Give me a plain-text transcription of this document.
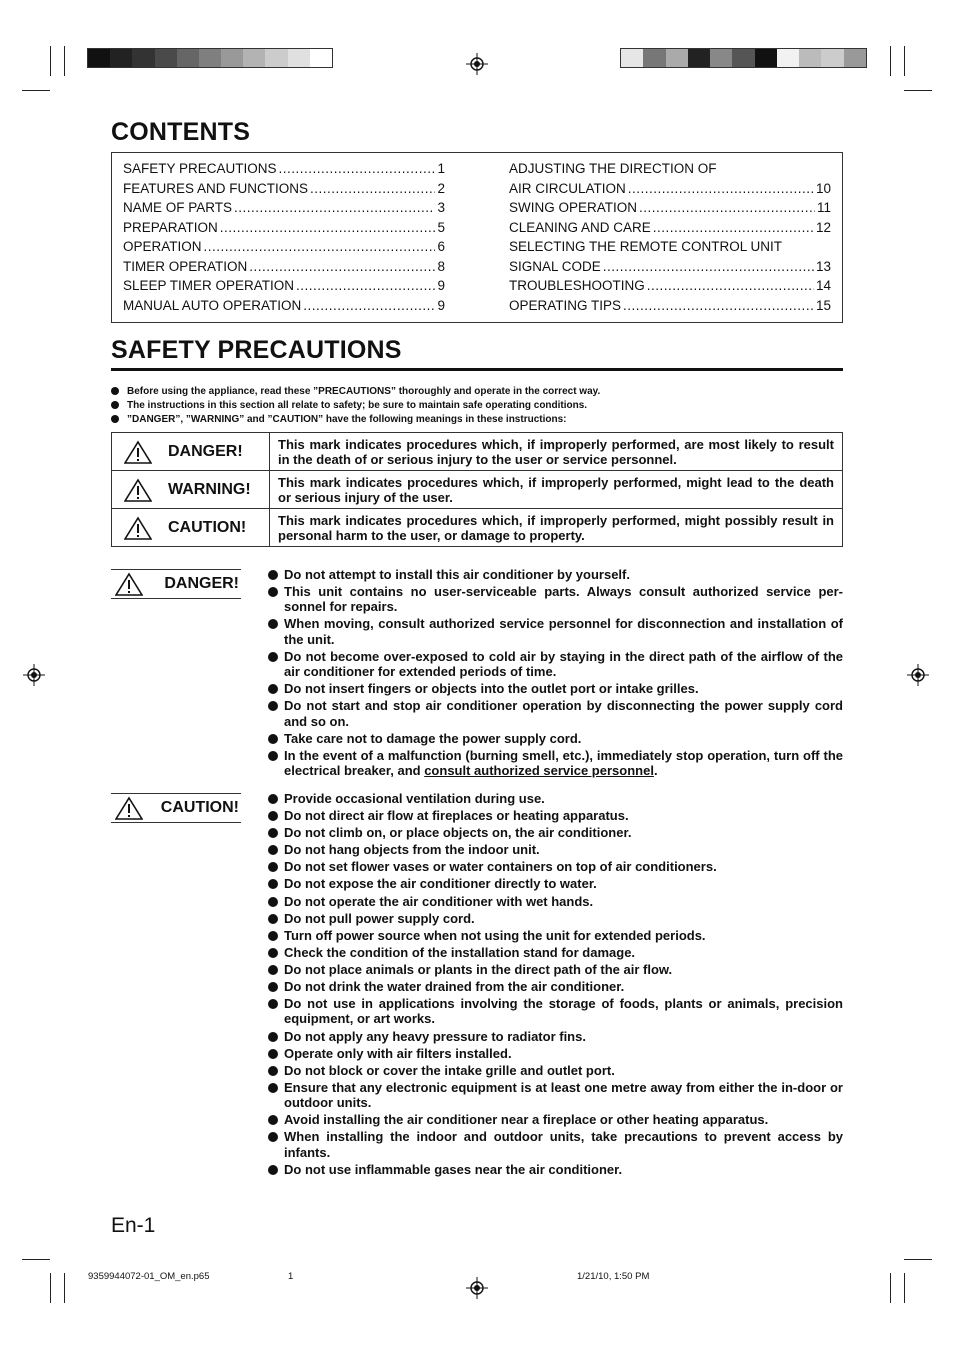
CONTENTS
SAFETY PRECAUTIONS .....	1
FEATURES AND FUNCTIONS .....	2
NAME OF PARTS .....	3
PREPARATION .....	5
OPERATION .....	6
TIMER OPERATION .....	8
SLEEP TIMER OPERATION .....	9
MANUAL AUTO OPERATION .....	9
ADJUSTING THE DIRECTION OF
AIR CIRCULATION .....	10
SWING OPERATION .....	11
CLEANING AND CARE .....	12
SELECTING THE REMOTE CONTROL UNIT
SIGNAL CODE .....	13
TROUBLESHOOTING .....	14
OPERATING TIPS .....	15
SAFETY PRECAUTIONS
Before using the appliance, read these ”PRECAUTIONS” thoroughly and operate in the correct way.
The instructions in this section all relate to safety; be sure to maintain safe operating conditions.
”DANGER”, ”WARNING” and ”CAUTION” have the following meanings in these instructions:
DANGER!	This mark indicates procedures which, if improperly performed, are most likely to result in the death of or serious injury to the user or service personnel.

WARNING!	This mark indicates procedures which, if improperly performed, might lead to the death or serious injury of the user.

CAUTION!	This mark indicates procedures which, if improperly performed, might possibly result in personal harm to the user, or damage to property.
DANGER!
Do not attempt to install this air conditioner by yourself.
This unit contains no user-serviceable parts. Always consult authorized service per-sonnel for repairs.
When moving, consult authorized service personnel for disconnection and installation of the unit.
Do not become over-exposed to cold air by staying in the direct path of the airflow of the air conditioner for extended periods of time.
Do not insert fingers or objects into the outlet port or intake grilles.
Do not start and stop air conditioner operation by disconnecting the power supply cord and so on.
Take care not to damage the power supply cord.
In the event of a malfunction (burning smell, etc.), immediately stop operation, turn off the electrical breaker, and consult authorized service personnel.
CAUTION!
Provide occasional ventilation during use.
Do not direct air flow at fireplaces or heating apparatus.
Do not climb on, or place objects on, the air conditioner.
Do not hang objects from the indoor unit.
Do not set flower vases or water containers on top of air conditioners.
Do not expose the air conditioner directly to water.
Do not operate the air conditioner with wet hands.
Do not pull power supply cord.
Turn off power source when not using the unit for extended periods.
Check the condition of the installation stand for damage.
Do not place animals or plants in the direct path of the air flow.
Do not drink the water drained from the air conditioner.
Do not use in applications involving the storage of foods, plants or animals, precision equipment, or art works.
Do not apply any heavy pressure to radiator fins.
Operate only with air filters installed.
Do not block or cover the intake grille and outlet port.
Ensure that any electronic equipment is at least one metre away from either the in-door or outdoor units.
Avoid installing the air conditioner near a fireplace or other heating apparatus.
When installing the indoor and outdoor units, take precautions to prevent access by infants.
Do not use inflammable gases near the air conditioner.
En-1
9359944072-01_OM_en.p65	1	1/21/10, 1:50 PM
